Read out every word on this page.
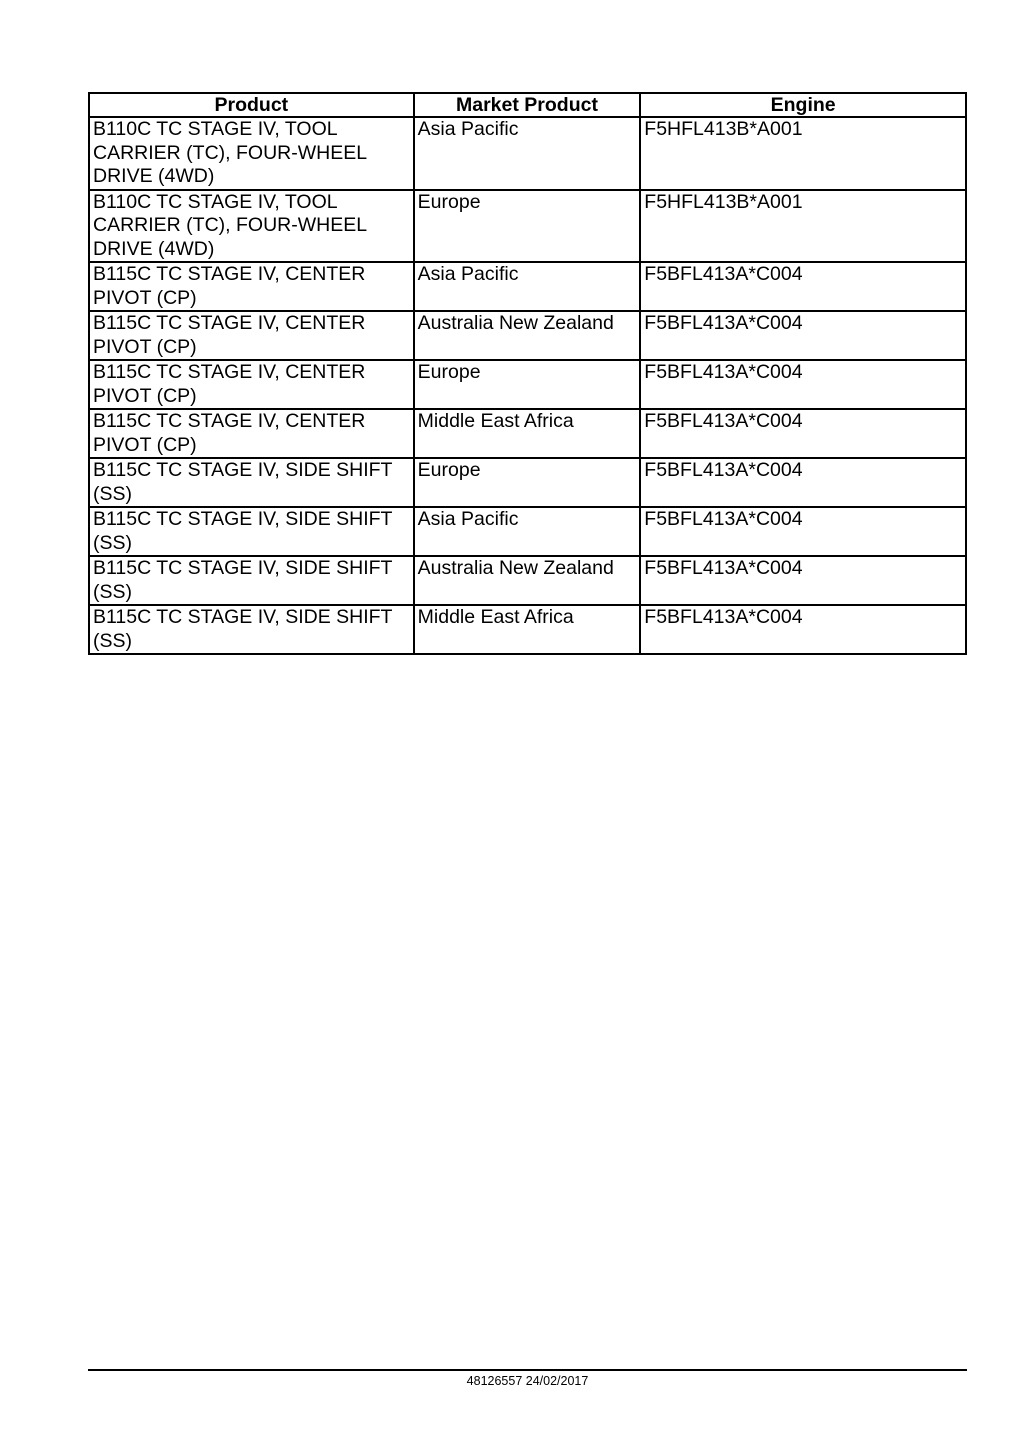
Product	Market Product	Engine
B110C TC STAGE IV, TOOL CARRIER (TC), FOUR-WHEEL DRIVE (4WD)	Asia Pacific	F5HFL413B*A001
B110C TC STAGE IV, TOOL CARRIER (TC), FOUR-WHEEL DRIVE (4WD)	Europe	F5HFL413B*A001
B115C TC STAGE IV, CENTER PIVOT (CP)	Asia Pacific	F5BFL413A*C004
B115C TC STAGE IV, CENTER PIVOT (CP)	Australia New Zealand	F5BFL413A*C004
B115C TC STAGE IV, CENTER PIVOT (CP)	Europe	F5BFL413A*C004
B115C TC STAGE IV, CENTER PIVOT (CP)	Middle East Africa	F5BFL413A*C004
B115C TC STAGE IV, SIDE SHIFT (SS)	Europe	F5BFL413A*C004
B115C TC STAGE IV, SIDE SHIFT (SS)	Asia Pacific	F5BFL413A*C004
B115C TC STAGE IV, SIDE SHIFT (SS)	Australia New Zealand	F5BFL413A*C004
B115C TC STAGE IV, SIDE SHIFT (SS)	Middle East Africa	F5BFL413A*C004
48126557 24/02/2017
